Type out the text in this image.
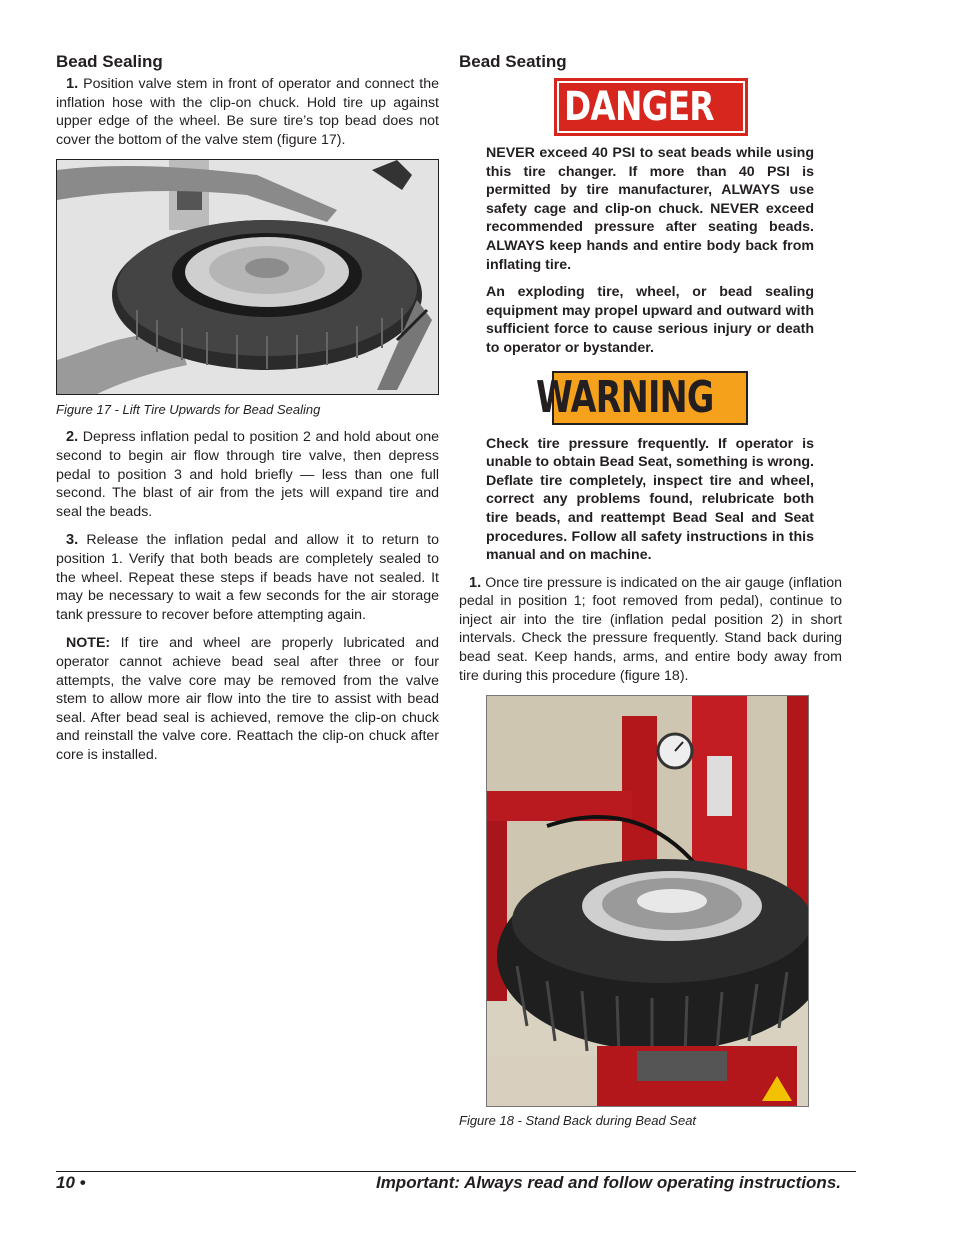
Bead Sealing

1. Position valve stem in front of operator and connect the inflation hose with the clip-on chuck. Hold tire up against upper edge of the wheel. Be sure tire’s top bead does not cover the bottom of the valve stem (figure 17).

Figure 17 - Lift Tire Upwards for Bead Sealing

2. Depress inflation pedal to position 2 and hold about one second to begin air flow through tire valve, then depress pedal to position 3 and hold briefly — less than one full second. The blast of air from the jets will expand tire and seal the beads.

3. Release the inflation pedal and allow it to return to position 1. Verify that both beads are completely sealed to the wheel. Repeat these steps if beads have not sealed. It may be necessary to wait a few seconds for the air storage tank pressure to recover before attempting again.

NOTE: If tire and wheel are properly lubricated and operator cannot achieve bead seal after three or four attempts, the valve core may be removed from the valve stem to allow more air flow into the tire to assist with bead seal. After bead seal is achieved, remove the clip-on chuck and reinstall the valve core. Reattach the clip-on chuck after core is installed.

Bead Seating
DANGER

NEVER exceed 40 PSI to seat beads while using this tire changer. If more than 40 PSI is permitted by tire manufacturer, ALWAYS use safety cage and clip-on chuck. NEVER exceed recommended pressure after seating beads. ALWAYS keep hands and entire body back from inflating tire.

An exploding tire, wheel, or bead sealing equipment may propel upward and outward with sufficient force to cause serious injury or death to operator or bystander.

WARNING

Check tire pressure frequently. If operator is unable to obtain Bead Seat, something is wrong. Deflate tire completely, inspect tire and wheel, correct any problems found, relubricate both tire beads, and reattempt Bead Seal and Seat procedures. Follow all safety instructions in this manual and on machine.

1. Once tire pressure is indicated on the air gauge (inflation pedal in position 1; foot removed from pedal), continue to inject air into the tire (inflation pedal position 2) in short intervals. Check the pressure frequently. Stand back during bead seat. Keep hands, arms, and entire body away from tire during this procedure (figure 18).

Figure 18 - Stand Back during Bead Seat
10 •	Important: Always read and follow operating instructions.
